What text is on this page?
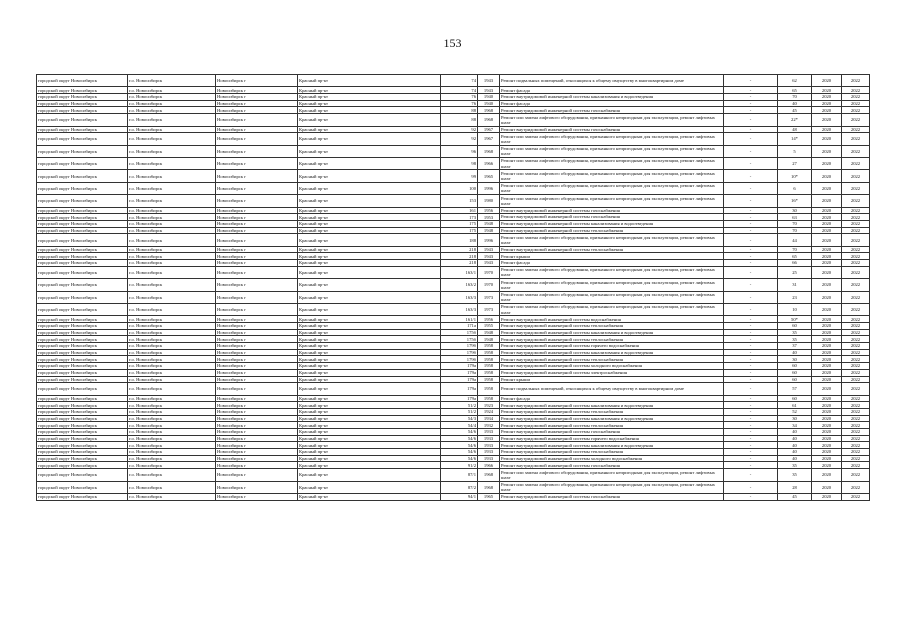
153
городской округ Новосибирск	г.о. Новосибирск	Новосибирск г	Красный пр-кт	74	1943	Ремонт подвальных помещений, относящихся к общему имуществу в многоквартирном доме	-	62	2020	2022
городской округ Новосибирск	г.о. Новосибирск	Новосибирск г	Красный пр-кт	74	1943	Ремонт фасада	-	65	2020	2022
городской округ Новосибирск	г.о. Новосибирск	Новосибирск г	Красный пр-кт	76	1940	Ремонт внутридомовой инженерной системы канализования и водоотведения	-	70	2020	2022
городской округ Новосибирск	г.о. Новосибирск	Новосибирск г	Красный пр-кт	76	1940	Ремонт фасада	-	40	2020	2022
городской округ Новосибирск	г.о. Новосибирск	Новосибирск г	Красный пр-кт	88	1968	Ремонт внутридомовой инженерной системы газоснабжения	-	45	2020	2022
городской округ Новосибирск	г.о. Новосибирск	Новосибирск г	Красный пр-кт	88	1968	Ремонт или замена лифтового оборудования, признанного непригодным для эксплуатации, ремонт лифтовых шахт	-	22*	2020	2022
городской округ Новосибирск	г.о. Новосибирск	Новосибирск г	Красный пр-кт	92	1967	Ремонт внутридомовой инженерной системы газоснабжения	-	48	2020	2022
городской округ Новосибирск	г.о. Новосибирск	Новосибирск г	Красный пр-кт	92	1967	Ремонт или замена лифтового оборудования, признанного непригодным для эксплуатации, ремонт лифтовых шахт	-	14*	2020	2022
городской округ Новосибирск	г.о. Новосибирск	Новосибирск г	Красный пр-кт	96	1968	Ремонт или замена лифтового оборудования, признанного непригодным для эксплуатации, ремонт лифтовых шахт	-	5	2020	2022
городской округ Новосибирск	г.о. Новосибирск	Новосибирск г	Красный пр-кт	98	1966	Ремонт или замена лифтового оборудования, признанного непригодным для эксплуатации, ремонт лифтовых шахт	-	27	2020	2022
городской округ Новосибирск	г.о. Новосибирск	Новосибирск г	Красный пр-кт	99	1965	Ремонт или замена лифтового оборудования, признанного непригодным для эксплуатации, ремонт лифтовых шахт	-	10*	2020	2022
городской округ Новосибирск	г.о. Новосибирск	Новосибирск г	Красный пр-кт	100	1996	Ремонт или замена лифтового оборудования, признанного непригодным для эксплуатации, ремонт лифтовых шахт	-	6	2020	2022
городской округ Новосибирск	г.о. Новосибирск	Новосибирск г	Красный пр-кт	153	1980	Ремонт или замена лифтового оборудования, признанного непригодным для эксплуатации, ремонт лифтовых шахт	-	16*	2020	2022
городской округ Новосибирск	г.о. Новосибирск	Новосибирск г	Красный пр-кт	161	1956	Ремонт внутридомовой инженерной системы газоснабжения	-	30	2020	2022
городской округ Новосибирск	г.о. Новосибирск	Новосибирск г	Красный пр-кт	173	1953	Ремонт внутридомовой инженерной системы газоснабжения	-	63	2020	2022
городской округ Новосибирск	г.о. Новосибирск	Новосибирск г	Красный пр-кт	175	1948	Ремонт внутридомовой инженерной системы канализования и водоотведения	-	70	2020	2022
городской округ Новосибирск	г.о. Новосибирск	Новосибирск г	Красный пр-кт	175	1948	Ремонт внутридомовой инженерной системы теплоснабжения	-	70	2020	2022
городской округ Новосибирск	г.о. Новосибирск	Новосибирск г	Красный пр-кт	188	1996	Ремонт или замена лифтового оборудования, признанного непригодным для эксплуатации, ремонт лифтовых шахт	-	44	2020	2022
городской округ Новосибирск	г.о. Новосибирск	Новосибирск г	Красный пр-кт	218	1943	Ремонт внутридомовой инженерной системы теплоснабжения	-	70	2020	2022
городской округ Новосибирск	г.о. Новосибирск	Новосибирск г	Красный пр-кт	218	1943	Ремонт крыши	-	65	2020	2022
городской округ Новосибирск	г.о. Новосибирск	Новосибирск г	Красный пр-кт	218	1943	Ремонт фасада	-	66	2020	2022
городской округ Новосибирск	г.о. Новосибирск	Новосибирск г	Красный пр-кт	163/1	1970	Ремонт или замена лифтового оборудования, признанного непригодным для эксплуатации, ремонт лифтовых шахт	-	25	2020	2022
городской округ Новосибирск	г.о. Новосибирск	Новосибирск г	Красный пр-кт	163/2	1970	Ремонт или замена лифтового оборудования, признанного непригодным для эксплуатации, ремонт лифтовых шахт	-	31	2020	2022
городской округ Новосибирск	г.о. Новосибирск	Новосибирск г	Красный пр-кт	163/3	1973	Ремонт или замена лифтового оборудования, признанного непригодным для эксплуатации, ремонт лифтовых шахт	-	23	2020	2022
городской округ Новосибирск	г.о. Новосибирск	Новосибирск г	Красный пр-кт	163/3	1973	Ремонт или замена лифтового оборудования, признанного непригодным для эксплуатации, ремонт лифтовых шахт	-	10	2020	2022
городской округ Новосибирск	г.о. Новосибирск	Новосибирск г	Красный пр-кт	161/1	1956	Ремонт внутридомовой инженерной системы водоснабжения	-	50*	2020	2022
городской округ Новосибирск	г.о. Новосибирск	Новосибирск г	Красный пр-кт	171а	1955	Ремонт внутридомовой инженерной системы теплоснабжения	-	60	2020	2022
городской округ Новосибирск	г.о. Новосибирск	Новосибирск г	Красный пр-кт	175б	1948	Ремонт внутридомовой инженерной системы канализования и водоотведения	-	35	2020	2022
городской округ Новосибирск	г.о. Новосибирск	Новосибирск г	Красный пр-кт	175б	1948	Ремонт внутридомовой инженерной системы теплоснабжения	-	35	2020	2022
городской округ Новосибирск	г.о. Новосибирск	Новосибирск г	Красный пр-кт	179б	1958	Ремонт внутридомовой инженерной системы горячего водоснабжения	-	37	2020	2022
городской округ Новосибирск	г.о. Новосибирск	Новосибирск г	Красный пр-кт	179б	1958	Ремонт внутридомовой инженерной системы канализования и водоотведения	-	40	2020	2022
городской округ Новосибирск	г.о. Новосибирск	Новосибирск г	Красный пр-кт	179б	1958	Ремонт внутридомовой инженерной системы теплоснабжения	-	30	2020	2022
городской округ Новосибирск	г.о. Новосибирск	Новосибирск г	Красный пр-кт	179а	1958	Ремонт внутридомовой инженерной системы холодного водоснабжения	-	60	2020	2022
городской округ Новосибирск	г.о. Новосибирск	Новосибирск г	Красный пр-кт	179а	1958	Ремонт внутридомовой инженерной системы электроснабжения	-	60	2020	2022
городской округ Новосибирск	г.о. Новосибирск	Новосибирск г	Красный пр-кт	179а	1958	Ремонт крыши	-	60	2020	2022
городской округ Новосибирск	г.о. Новосибирск	Новосибирск г	Красный пр-кт	179а	1958	Ремонт подвальных помещений, относящихся к общему имуществу в многоквартирном доме	-	57	2020	2022
городской округ Новосибирск	г.о. Новосибирск	Новосибирск г	Красный пр-кт	179а	1958	Ремонт фасада	-	60	2020	2022
городской округ Новосибирск	г.о. Новосибирск	Новосибирск г	Красный пр-кт	51/2	1923	Ремонт внутридомовой инженерной системы канализования и водоотведения	-	61	2020	2022
городской округ Новосибирск	г.о. Новосибирск	Новосибирск г	Красный пр-кт	51/2	1924	Ремонт внутридомовой инженерной системы теплоснабжения	-	52	2020	2022
городской округ Новосибирск	г.о. Новосибирск	Новосибирск г	Красный пр-кт	54/3	1934	Ремонт внутридомовой инженерной системы канализования и водоотведения	-	30	2020	2022
городской округ Новосибирск	г.о. Новосибирск	Новосибирск г	Красный пр-кт	54/4	1932	Ремонт внутридомовой инженерной системы теплоснабжения	-	34	2020	2022
городской округ Новосибирск	г.о. Новосибирск	Новосибирск г	Красный пр-кт	54/6	1933	Ремонт внутридомовой инженерной системы газоснабжения	-	40	2020	2022
городской округ Новосибирск	г.о. Новосибирск	Новосибирск г	Красный пр-кт	54/6	1933	Ремонт внутридомовой инженерной системы горячего водоснабжения	-	40	2020	2022
городской округ Новосибирск	г.о. Новосибирск	Новосибирск г	Красный пр-кт	54/6	1933	Ремонт внутридомовой инженерной системы канализования и водоотведения	-	40	2020	2022
городской округ Новосибирск	г.о. Новосибирск	Новосибирск г	Красный пр-кт	54/6	1933	Ремонт внутридомовой инженерной системы теплоснабжения	-	40	2020	2022
городской округ Новосибирск	г.о. Новосибирск	Новосибирск г	Красный пр-кт	54/6	1933	Ремонт внутридомовой инженерной системы холодного водоснабжения	-	40	2020	2022
городской округ Новосибирск	г.о. Новосибирск	Новосибирск г	Красный пр-кт	91/2	1966	Ремонт внутридомовой инженерной системы газоснабжения	-	35	2020	2022
городской округ Новосибирск	г.о. Новосибирск	Новосибирск г	Красный пр-кт	87/1	1968	Ремонт или замена лифтового оборудования, признанного непригодным для эксплуатации, ремонт лифтовых шахт	-	35	2020	2022
городской округ Новосибирск	г.о. Новосибирск	Новосибирск г	Красный пр-кт	87/2	1968	Ремонт или замена лифтового оборудования, признанного непригодным для эксплуатации, ремонт лифтовых шахт	-	28	2020	2022
городской округ Новосибирск	г.о. Новосибирск	Новосибирск г	Красный пр-кт	94/1	1965	Ремонт внутридомовой инженерной системы газоснабжения	-	45	2020	2022
